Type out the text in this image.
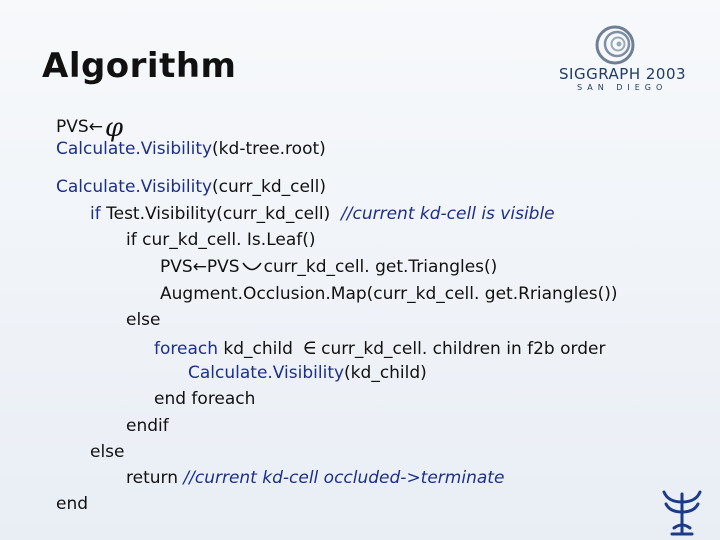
Algorithm	SIGGRAPH 2003
SAN DIEGO
PVS←φ
Calculate.Visibility(kd-tree.root)
Calculate.Visibility(curr_kd_cell)
if Test.Visibility(curr_kd_cell) //current kd-cell is visible
if cur_kd_cell. Is.Leaf()
PVS←PVS curr_kd_cell. get.Triangles()
Augment.Occlusion.Map(curr_kd_cell. get.Rriangles())
else
foreach kd_child ∈ curr_kd_cell. children in f2b order
Calculate.Visibility(kd_child)
end foreach
endif
else
return //current kd-cell occluded->terminate
end
